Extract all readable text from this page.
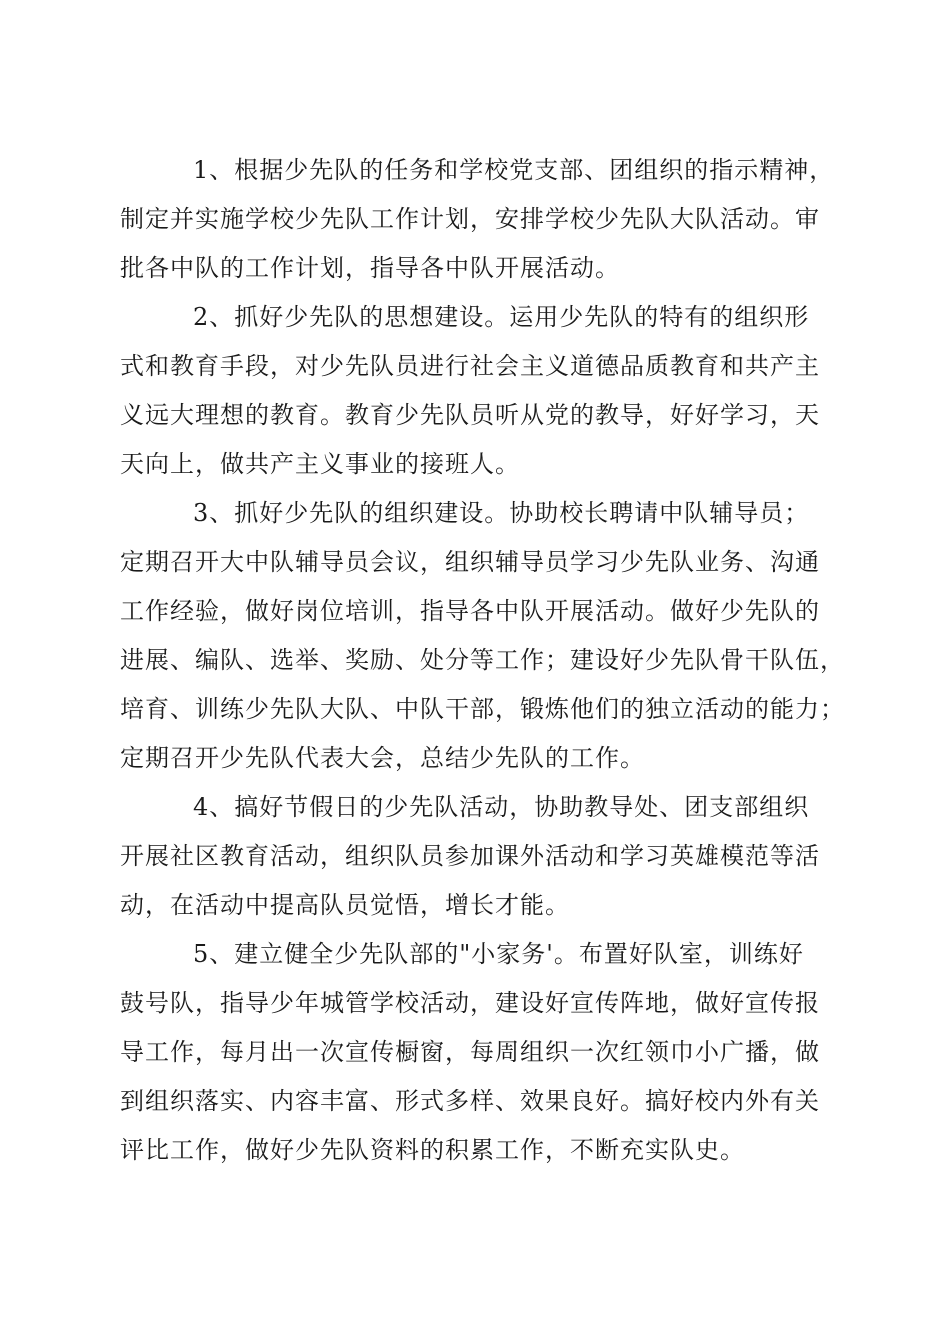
1、根据少先队的任务和学校党支部、团组织的指示精神，
制定并实施学校少先队工作计划，安排学校少先队大队活动。审
批各中队的工作计划，指导各中队开展活动。
2、抓好少先队的思想建设。运用少先队的特有的组织形
式和教育手段，对少先队员进行社会主义道德品质教育和共产主
义远大理想的教育。教育少先队员听从党的教导，好好学习，天
天向上，做共产主义事业的接班人。
3、抓好少先队的组织建设。协助校长聘请中队辅导员；
定期召开大中队辅导员会议，组织辅导员学习少先队业务、沟通
工作经验，做好岗位培训，指导各中队开展活动。做好少先队的
进展、编队、选举、奖励、处分等工作；建设好少先队骨干队伍，
培育、训练少先队大队、中队干部，锻炼他们的独立活动的能力；
定期召开少先队代表大会，总结少先队的工作。
4、搞好节假日的少先队活动，协助教导处、团支部组织
开展社区教育活动，组织队员参加课外活动和学习英雄模范等活
动，在活动中提高队员觉悟，增长才能。
5、建立健全少先队部的"小家务'。布置好队室，训练好
鼓号队，指导少年城管学校活动，建设好宣传阵地，做好宣传报
导工作，每月出一次宣传橱窗，每周组织一次红领巾小广播，做
到组织落实、内容丰富、形式多样、效果良好。搞好校内外有关
评比工作，做好少先队资料的积累工作，不断充实队史。
